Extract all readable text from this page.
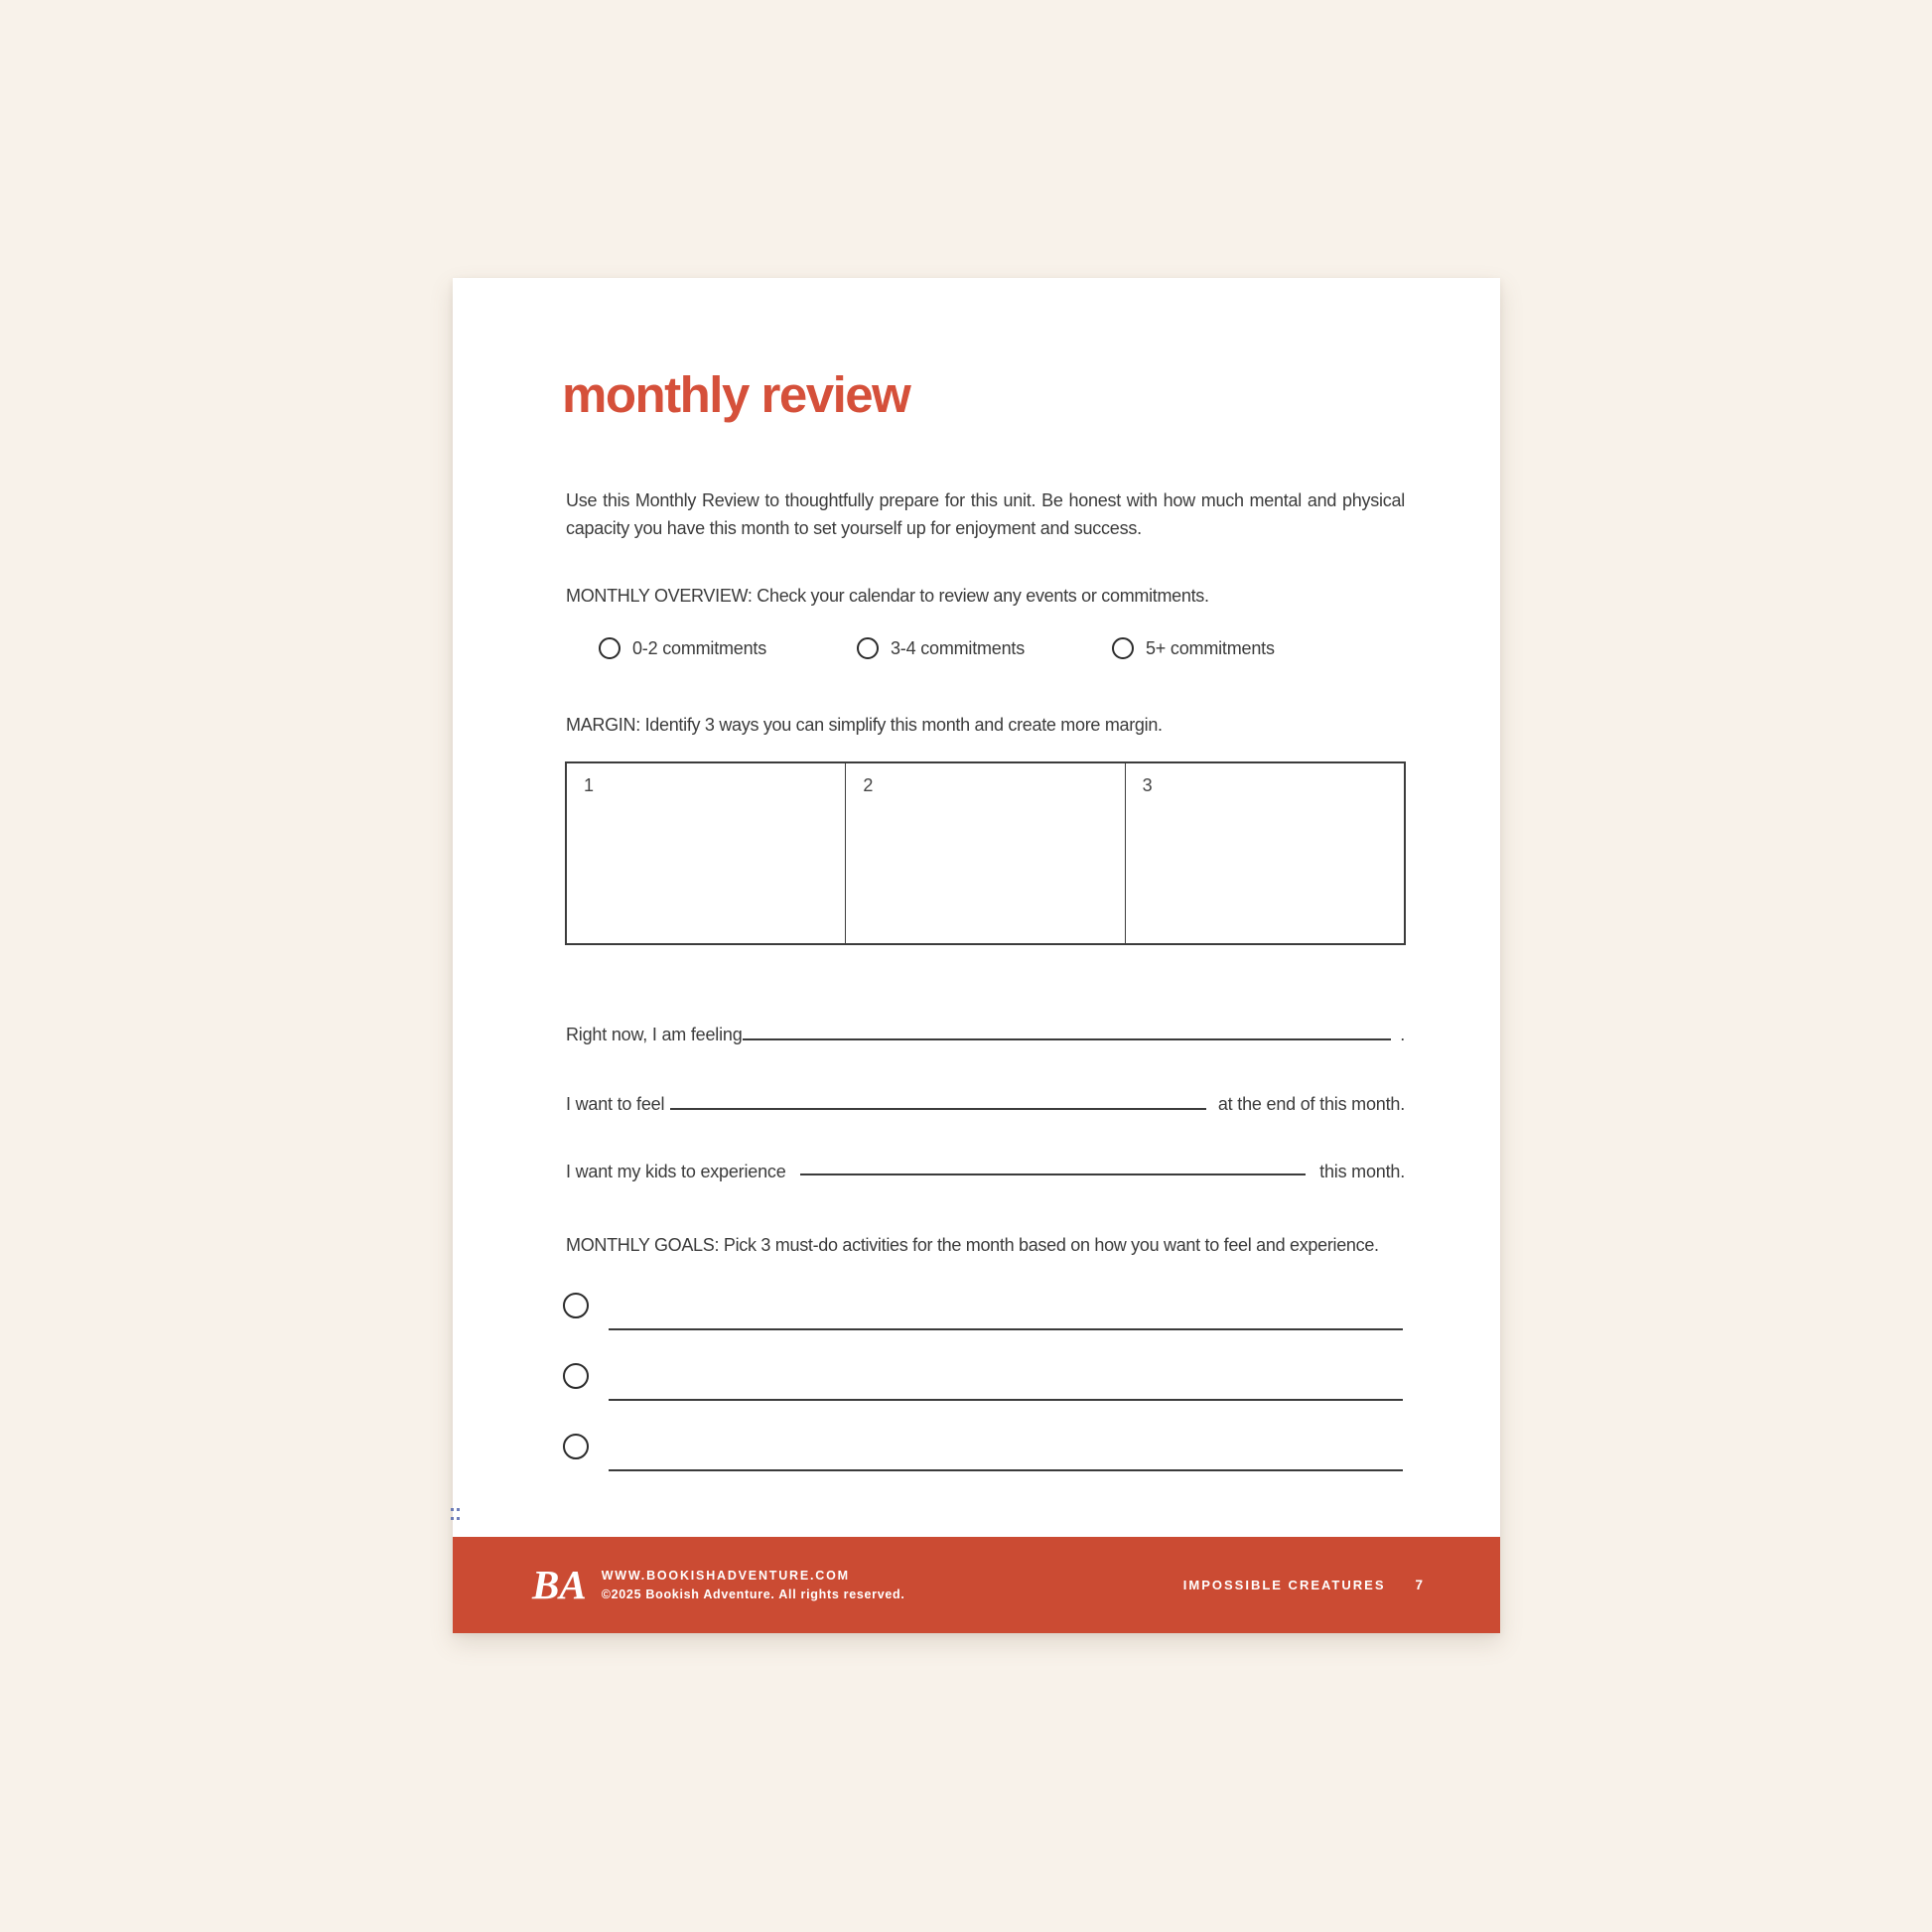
monthly review

Use this Monthly Review to thoughtfully prepare for this unit. Be honest with how much mental and physical capacity you have this month to set yourself up for enjoyment and success.

MONTHLY OVERVIEW: Check your calendar to review any events or commitments.
0-2 commitments	3-4 commitments	5+ commitments
MARGIN: Identify 3 ways you can simplify this month and create more margin.
1	2	3
Right now, I am feeling	.
I want to feel	at the end of this month.
I want my kids to experience	this month.
MONTHLY GOALS: Pick 3 must-do activities for the month based on how you want to feel and experience.
BA WWW.BOOKISHADVENTURE.COM
©2025 Bookish Adventure. All rights reserved.
IMPOSSIBLE CREATURES 7
